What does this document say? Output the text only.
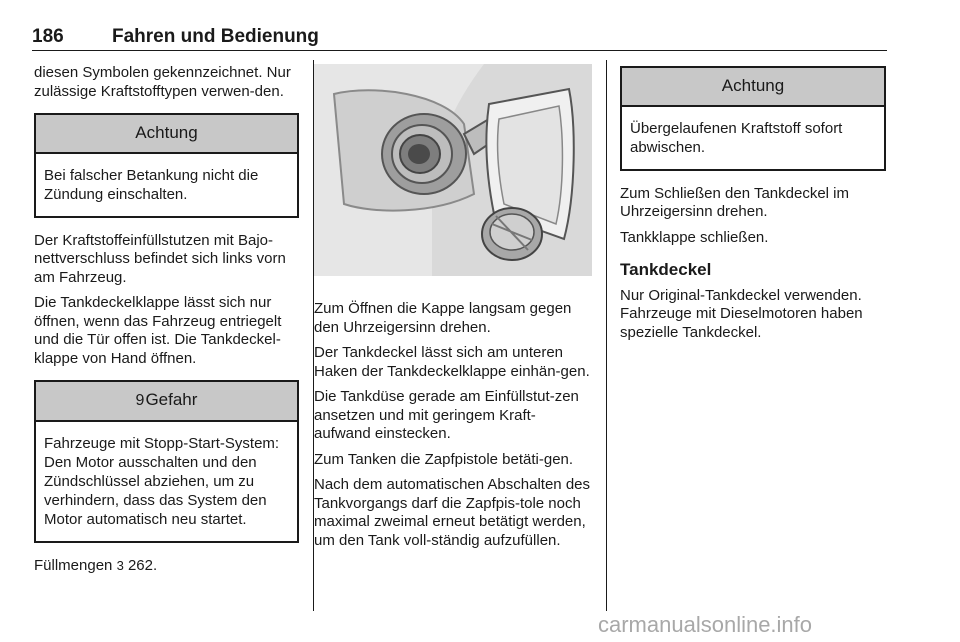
186	Fahren und Bedienung

diesen Symbolen gekennzeichnet. Nur zulässige Kraftstofftypen verwen-den.

Achtung
Bei falscher Betankung nicht die Zündung einschalten.

Der Kraftstoffeinfüllstutzen mit Bajo-nettverschluss befindet sich links vorn am Fahrzeug.

Die Tankdeckelklappe lässt sich nur öffnen, wenn das Fahrzeug entriegelt und die Tür offen ist. Die Tankdeckel-klappe von Hand öffnen.

9Gefahr
Fahrzeuge mit Stopp-Start-System: Den Motor ausschalten und den Zündschlüssel abziehen, um zu verhindern, dass das System den Motor automatisch neu startet.

Füllmengen 3 262.

Zum Öffnen die Kappe langsam gegen den Uhrzeigersinn drehen.

Der Tankdeckel lässt sich am unteren Haken der Tankdeckelklappe einhän-gen.

Die Tankdüse gerade am Einfüllstut-zen ansetzen und mit geringem Kraft-aufwand einstecken.

Zum Tanken die Zapfpistole betäti-gen.

Nach dem automatischen Abschalten des Tankvorgangs darf die Zapfpis-tole noch maximal zweimal erneut betätigt werden, um den Tank voll-ständig aufzufüllen.

Achtung
Übergelaufenen Kraftstoff sofort abwischen.

Zum Schließen den Tankdeckel im Uhrzeigersinn drehen.

Tankklappe schließen.

Tankdeckel

Nur Original-Tankdeckel verwenden. Fahrzeuge mit Dieselmotoren haben spezielle Tankdeckel.

carmanualsonline.info
